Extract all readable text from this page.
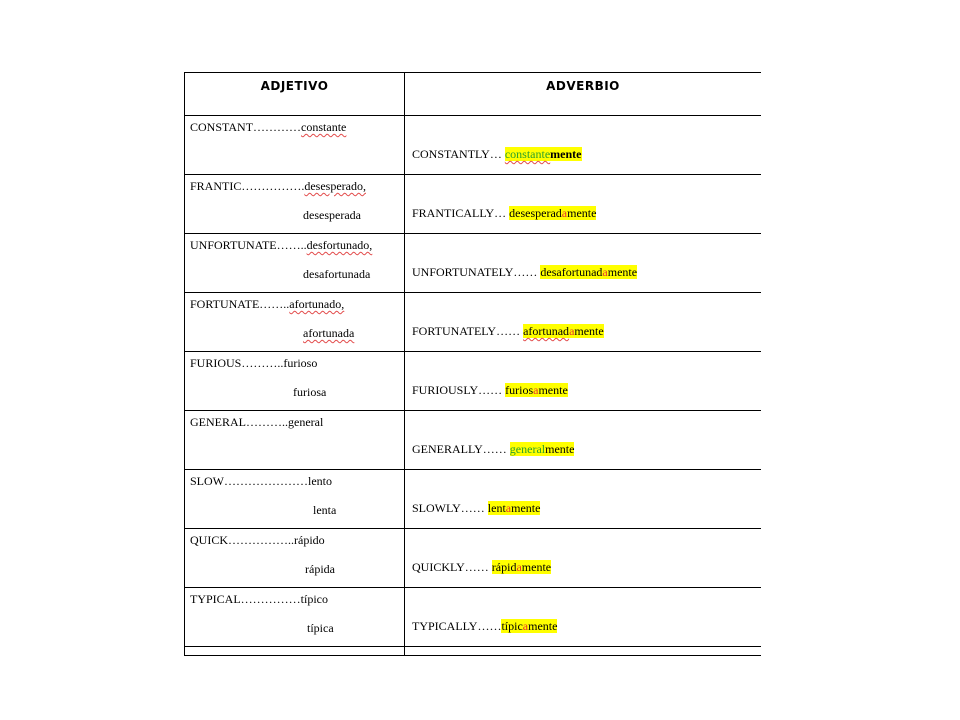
ADJETIVO	ADVERBIO

CONSTANT…………constante	CONSTANTLY… constantemente

FRANTIC…………….desesperado,
desesperada	FRANTICALLY… desesperadamente

UNFORTUNATE……..desfortunado,
desafortunada	UNFORTUNATELY…… desafortunadamente

FORTUNATE……..afortunado,
afortunada	FORTUNATELY…… afortunadamente

FURIOUS………..furioso
furiosa	FURIOUSLY…… furiosamente

GENERAL………..general	GENERALLY…… generalmente

SLOW…………………lento
lenta	SLOWLY…… lentamente

QUICK……………..rápido
rápida	QUICKLY…… rápidamente

TYPICAL……………típico
típica	TYPICALLY……típicamente
